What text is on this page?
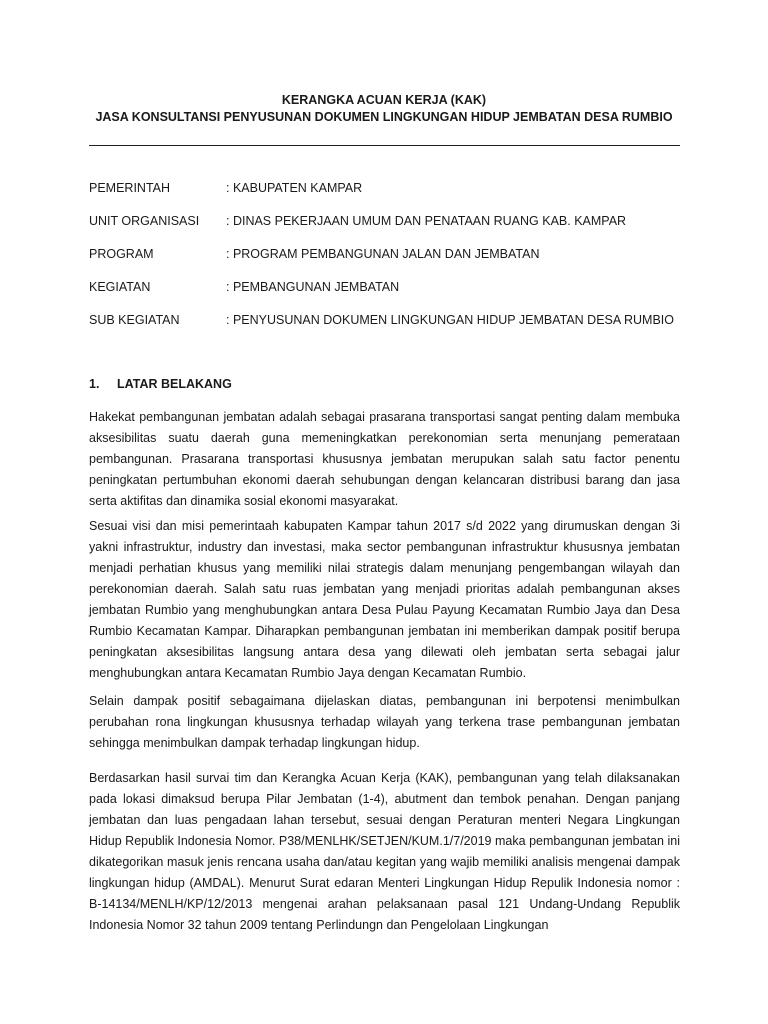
KERANGKA ACUAN KERJA (KAK)
JASA KONSULTANSI PENYUSUNAN DOKUMEN LINGKUNGAN HIDUP JEMBATAN DESA RUMBIO
PEMERINTAH	: KABUPATEN KAMPAR
UNIT ORGANISASI : DINAS PEKERJAAN UMUM DAN PENATAAN RUANG KAB. KAMPAR
PROGRAM	: PROGRAM PEMBANGUNAN JALAN DAN JEMBATAN
KEGIATAN	: PEMBANGUNAN JEMBATAN
SUB KEGIATAN	: PENYUSUNAN DOKUMEN LINGKUNGAN HIDUP JEMBATAN DESA RUMBIO
1. LATAR BELAKANG
Hakekat pembangunan jembatan adalah sebagai prasarana transportasi sangat penting dalam membuka aksesibilitas suatu daerah guna memeningkatkan perekonomian serta menunjang pemerataan pembangunan. Prasarana transportasi khususnya jembatan merupukan salah satu factor penentu peningkatan pertumbuhan ekonomi daerah sehubungan dengan kelancaran distribusi barang dan jasa serta aktifitas dan dinamika sosial ekonomi masyarakat.
Sesuai visi dan misi pemerintaah kabupaten Kampar tahun 2017 s/d 2022 yang dirumuskan dengan 3i yakni infrastruktur, industry dan investasi, maka sector pembangunan infrastruktur khususnya jembatan menjadi perhatian khusus yang memiliki nilai strategis dalam menunjang pengembangan wilayah dan perekonomian daerah. Salah satu ruas jembatan yang menjadi prioritas adalah pembangunan akses jembatan Rumbio yang menghubungkan antara Desa Pulau Payung Kecamatan Rumbio Jaya dan Desa Rumbio Kecamatan Kampar. Diharapkan pembangunan jembatan ini memberikan dampak positif berupa peningkatan aksesibilitas langsung antara desa yang dilewati oleh jembatan serta sebagai jalur menghubungkan antara Kecamatan Rumbio Jaya dengan Kecamatan Rumbio.
Selain dampak positif sebagaimana dijelaskan diatas, pembangunan ini berpotensi menimbulkan perubahan rona lingkungan khususnya terhadap wilayah yang terkena trase pembangunan jembatan sehingga menimbulkan dampak terhadap lingkungan hidup.
Berdasarkan hasil survai tim dan Kerangka Acuan Kerja (KAK), pembangunan yang telah dilaksanakan pada lokasi dimaksud berupa Pilar Jembatan (1-4), abutment dan tembok penahan. Dengan panjang jembatan dan luas pengadaan lahan tersebut, sesuai dengan Peraturan menteri Negara Lingkungan Hidup Republik Indonesia Nomor. P38/MENLHK/SETJEN/KUM.1/7/2019 maka pembangunan jembatan ini dikategorikan masuk jenis rencana usaha dan/atau kegitan yang wajib memiliki analisis mengenai dampak lingkungan hidup (AMDAL). Menurut Surat edaran Menteri Lingkungan Hidup Repulik Indonesia nomor : B-14134/MENLH/KP/12/2013 mengenai arahan pelaksanaan pasal 121 Undang-Undang Republik Indonesia Nomor 32 tahun 2009 tentang Perlindungn dan Pengelolaan Lingkungan
